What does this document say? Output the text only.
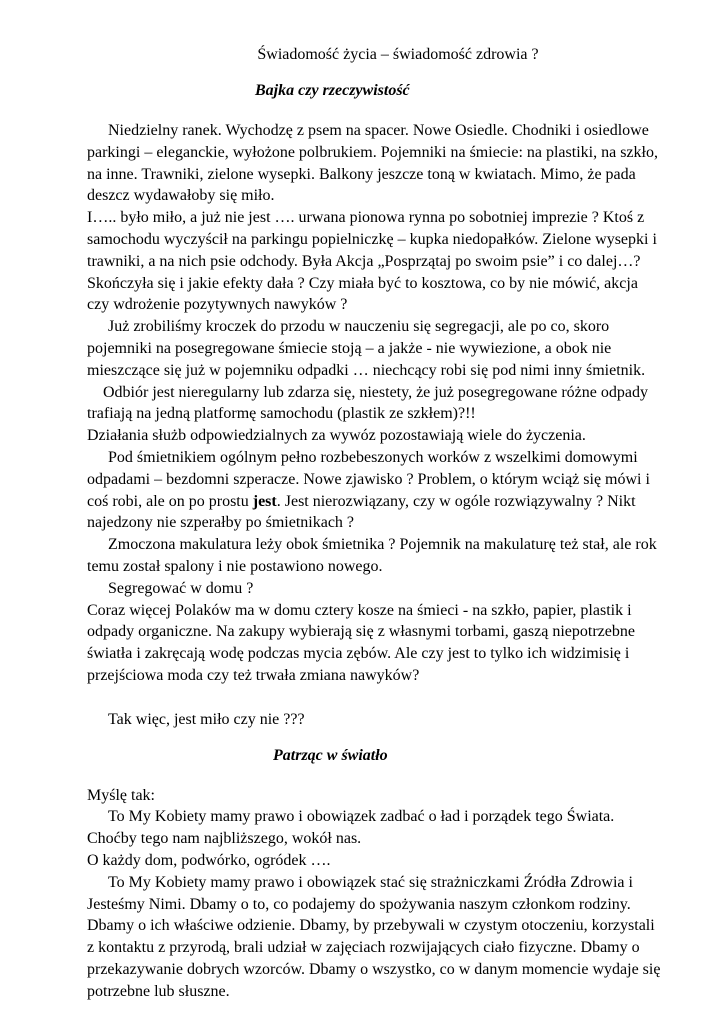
Świadomość życia – świadomość zdrowia ?
Bajka czy rzeczywistość
Niedzielny ranek. Wychodzę z psem na spacer. Nowe Osiedle. Chodniki i osiedlowe
parkingi – eleganckie, wyłożone polbrukiem. Pojemniki na śmiecie: na plastiki, na szkło,
na inne. Trawniki, zielone wysepki. Balkony jeszcze toną w kwiatach. Mimo, że pada
deszcz wydawałoby się miło.
I….. było miło, a już nie jest …. urwana pionowa rynna po sobotniej imprezie ? Ktoś z
samochodu wyczyścił na parkingu popielniczkę – kupka niedopałków. Zielone wysepki i
trawniki, a na nich psie odchody. Była Akcja „Posprzątaj po swoim psie” i co dalej…?
Skończyła się i jakie efekty dała ? Czy miała być to kosztowa, co by nie mówić, akcja
czy wdrożenie pozytywnych nawyków ?
Już zrobiliśmy kroczek do przodu w nauczeniu się segregacji, ale po co, skoro
pojemniki na posegregowane śmiecie stoją – a jakże - nie wywiezione, a obok nie
mieszczące się już w pojemniku odpadki … niechcący robi się pod nimi inny śmietnik.
Odbiór jest nieregularny lub zdarza się, niestety, że już posegregowane różne odpady
trafiają na jedną platformę samochodu (plastik ze szkłem)?!!
Działania służb odpowiedzialnych za wywóz pozostawiają wiele do życzenia.
Pod śmietnikiem ogólnym pełno rozbebeszonych worków z wszelkimi domowymi
odpadami – bezdomni szperacze. Nowe zjawisko ? Problem, o którym wciąż się mówi i
coś robi, ale on po prostu jest. Jest nierozwiązany, czy w ogóle rozwiązywalny ? Nikt
najedzony nie szperałby po śmietnikach ?
Zmoczona makulatura leży obok śmietnika ? Pojemnik na makulaturę też stał, ale rok
temu został spalony i nie postawiono nowego.
Segregować w domu ?
Coraz więcej Polaków ma w domu cztery kosze na śmieci - na szkło, papier, plastik i
odpady organiczne. Na zakupy wybierają się z własnymi torbami, gaszą niepotrzebne
światła i zakręcają wodę podczas mycia zębów. Ale czy jest to tylko ich widzimisię i
przejściowa moda czy też trwała zmiana nawyków?
Tak więc, jest miło czy nie ???
Patrząc w światło
Myślę tak:
To My Kobiety mamy prawo i obowiązek zadbać o ład i porządek tego Świata.
Choćby tego nam najbliższego, wokół nas.
O każdy dom, podwórko, ogródek ….
To My Kobiety mamy prawo i obowiązek stać się strażniczkami Źródła Zdrowia i
Jesteśmy Nimi. Dbamy o to, co podajemy do spożywania naszym członkom rodziny.
Dbamy o ich właściwe odzienie. Dbamy, by przebywali w czystym otoczeniu, korzystali
z kontaktu z przyrodą, brali udział w zajęciach rozwijających ciało fizyczne. Dbamy o
przekazywanie dobrych wzorców. Dbamy o wszystko, co w danym momencie wydaje się
potrzebne lub słuszne.
